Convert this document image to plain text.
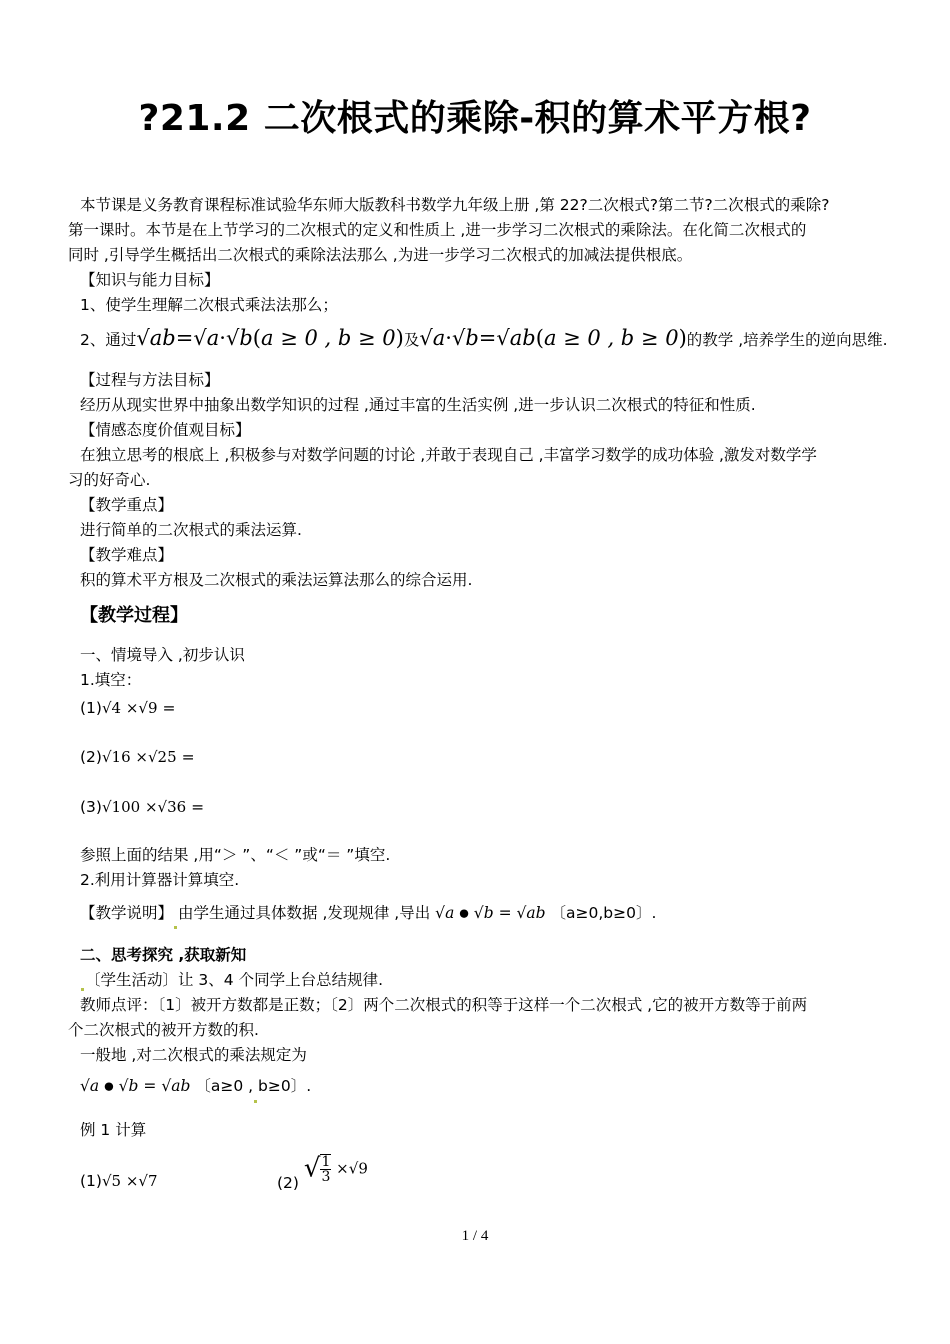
?21.2 二次根式的乘除-积的算术平方根?
本节课是义务教育课程标准试验华东师大版教科书数学九年级上册 ,第 22?二次根式?第二节?二次根式的乘除?
第一课时。本节是在上节学习的二次根式的定义和性质上 ,进一步学习二次根式的乘除法。在化简二次根式的
同时 ,引导学生概括出二次根式的乘除法法那么 ,为进一步学习二次根式的加减法提供根底。
【知识与能力目标】
1、使学生理解二次根式乘法法那么；
2、通过√ab=√a·√b(a ≥ 0 , b ≥ 0)及√a·√b=√ab(a ≥ 0 , b ≥ 0)的教学 ,培养学生的逆向思维.
【过程与方法目标】
经历从现实世界中抽象出数学知识的过程 ,通过丰富的生活实例 ,进一步认识二次根式的特征和性质.
【情感态度价值观目标】
在独立思考的根底上 ,积极参与对数学问题的讨论 ,并敢于表现自己 ,丰富学习数学的成功体验 ,激发对数学学
习的好奇心.
【教学重点】
进行简单的二次根式的乘法运算.
【教学难点】
积的算术平方根及二次根式的乘法运算法那么的综合运用.
【教学过程】
一、情境导入 ,初步认识
1.填空：
(1)√4 ×√9 =
(2)√16 ×√25 =
(3)√100 ×√36 =
参照上面的结果 ,用“＞ ”、“＜ ”或“＝ ”填空.
2.利用计算器计算填空.
【教学说明】 由学生通过具体数据 ,发现规律 ,导出 √a ● √b = √ab 〔a≥0,b≥0〕.
二、思考探究 ,获取新知
〔学生活动〕让 3、4 个同学上台总结规律.
教师点评：〔1〕被开方数都是正数；〔2〕两个二次根式的积等于这样一个二次根式 ,它的被开方数等于前两
个二次根式的被开方数的积.
一般地 ,对二次根式的乘法规定为
√a ● √b = √ab 〔a≥0 , b≥0〕.
例 1 计算
(1)√5 ×√7	(2) √ $\frac{1}{3} \times√9$
1 / 4
